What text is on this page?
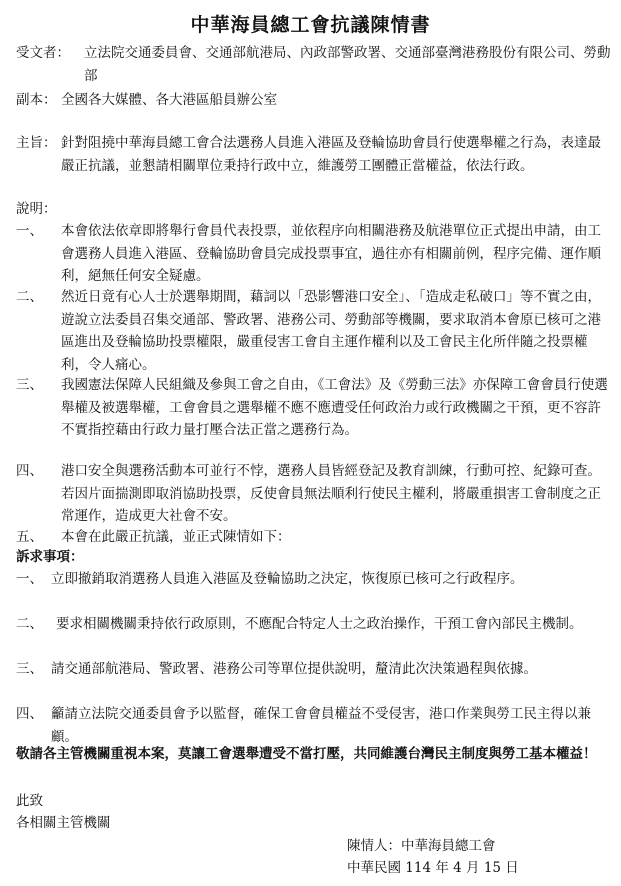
中華海員總工會抗議陳情書
受文者： 立法院交通委員會、交通部航港局、內政部警政署、交通部臺灣港務股份有限公司、勞動部
副本： 全國各大媒體、各大港區船員辦公室
主旨： 針對阻撓中華海員總工會合法選務人員進入港區及登輪協助會員行使選舉權之行為，表達最嚴正抗議，並懇請相關單位秉持行政中立，維護勞工團體正當權益，依法行政。
說明：
一、 本會依法依章即將舉行會員代表投票，並依程序向相關港務及航港單位正式提出申請，由工會選務人員進入港區、登輪協助會員完成投票事宜，過往亦有相關前例，程序完備、運作順利，絕無任何安全疑慮。
二、 然近日竟有心人士於選舉期間，藉詞以「恐影響港口安全」、「造成走私破口」等不實之由，遊說立法委員召集交通部、警政署、港務公司、勞動部等機關，要求取消本會原已核可之港區進出及登輪協助投票權限，嚴重侵害工會自主運作權利以及工會民主化所伴隨之投票權利，令人痛心。
三、 我國憲法保障人民組織及參與工會之自由，《工會法》及《勞動三法》亦保障工會會員行使選舉權及被選舉權，工會會員之選舉權不應不應遭受任何政治力或行政機關之干預，更不容許不實指控藉由行政力量打壓合法正當之選務行為。
四、 港口安全與選務活動本可並行不悖，選務人員皆經登記及教育訓練，行動可控、紀錄可查。若因片面揣測即取消協助投票，反使會員無法順利行使民主權利，將嚴重損害工會制度之正常運作，造成更大社會不安。
五、 本會在此嚴正抗議，並正式陳情如下：
訴求事項：
一、 立即撤銷取消選務人員進入港區及登輪協助之決定，恢復原已核可之行政程序。
二、 要求相關機關秉持依行政原則，不應配合特定人士之政治操作，干預工會內部民主機制。
三、 請交通部航港局、警政署、港務公司等單位提供說明，釐清此次決策過程與依據。
四、 籲請立法院交通委員會予以監督，確保工會會員權益不受侵害，港口作業與勞工民主得以兼顧。
敬請各主管機關重視本案，莫讓工會選舉遭受不當打壓，共同維護台灣民主制度與勞工基本權益！
此致
各相關主管機關
陳情人：中華海員總工會
中華民國 114 年 4 月 15 日
